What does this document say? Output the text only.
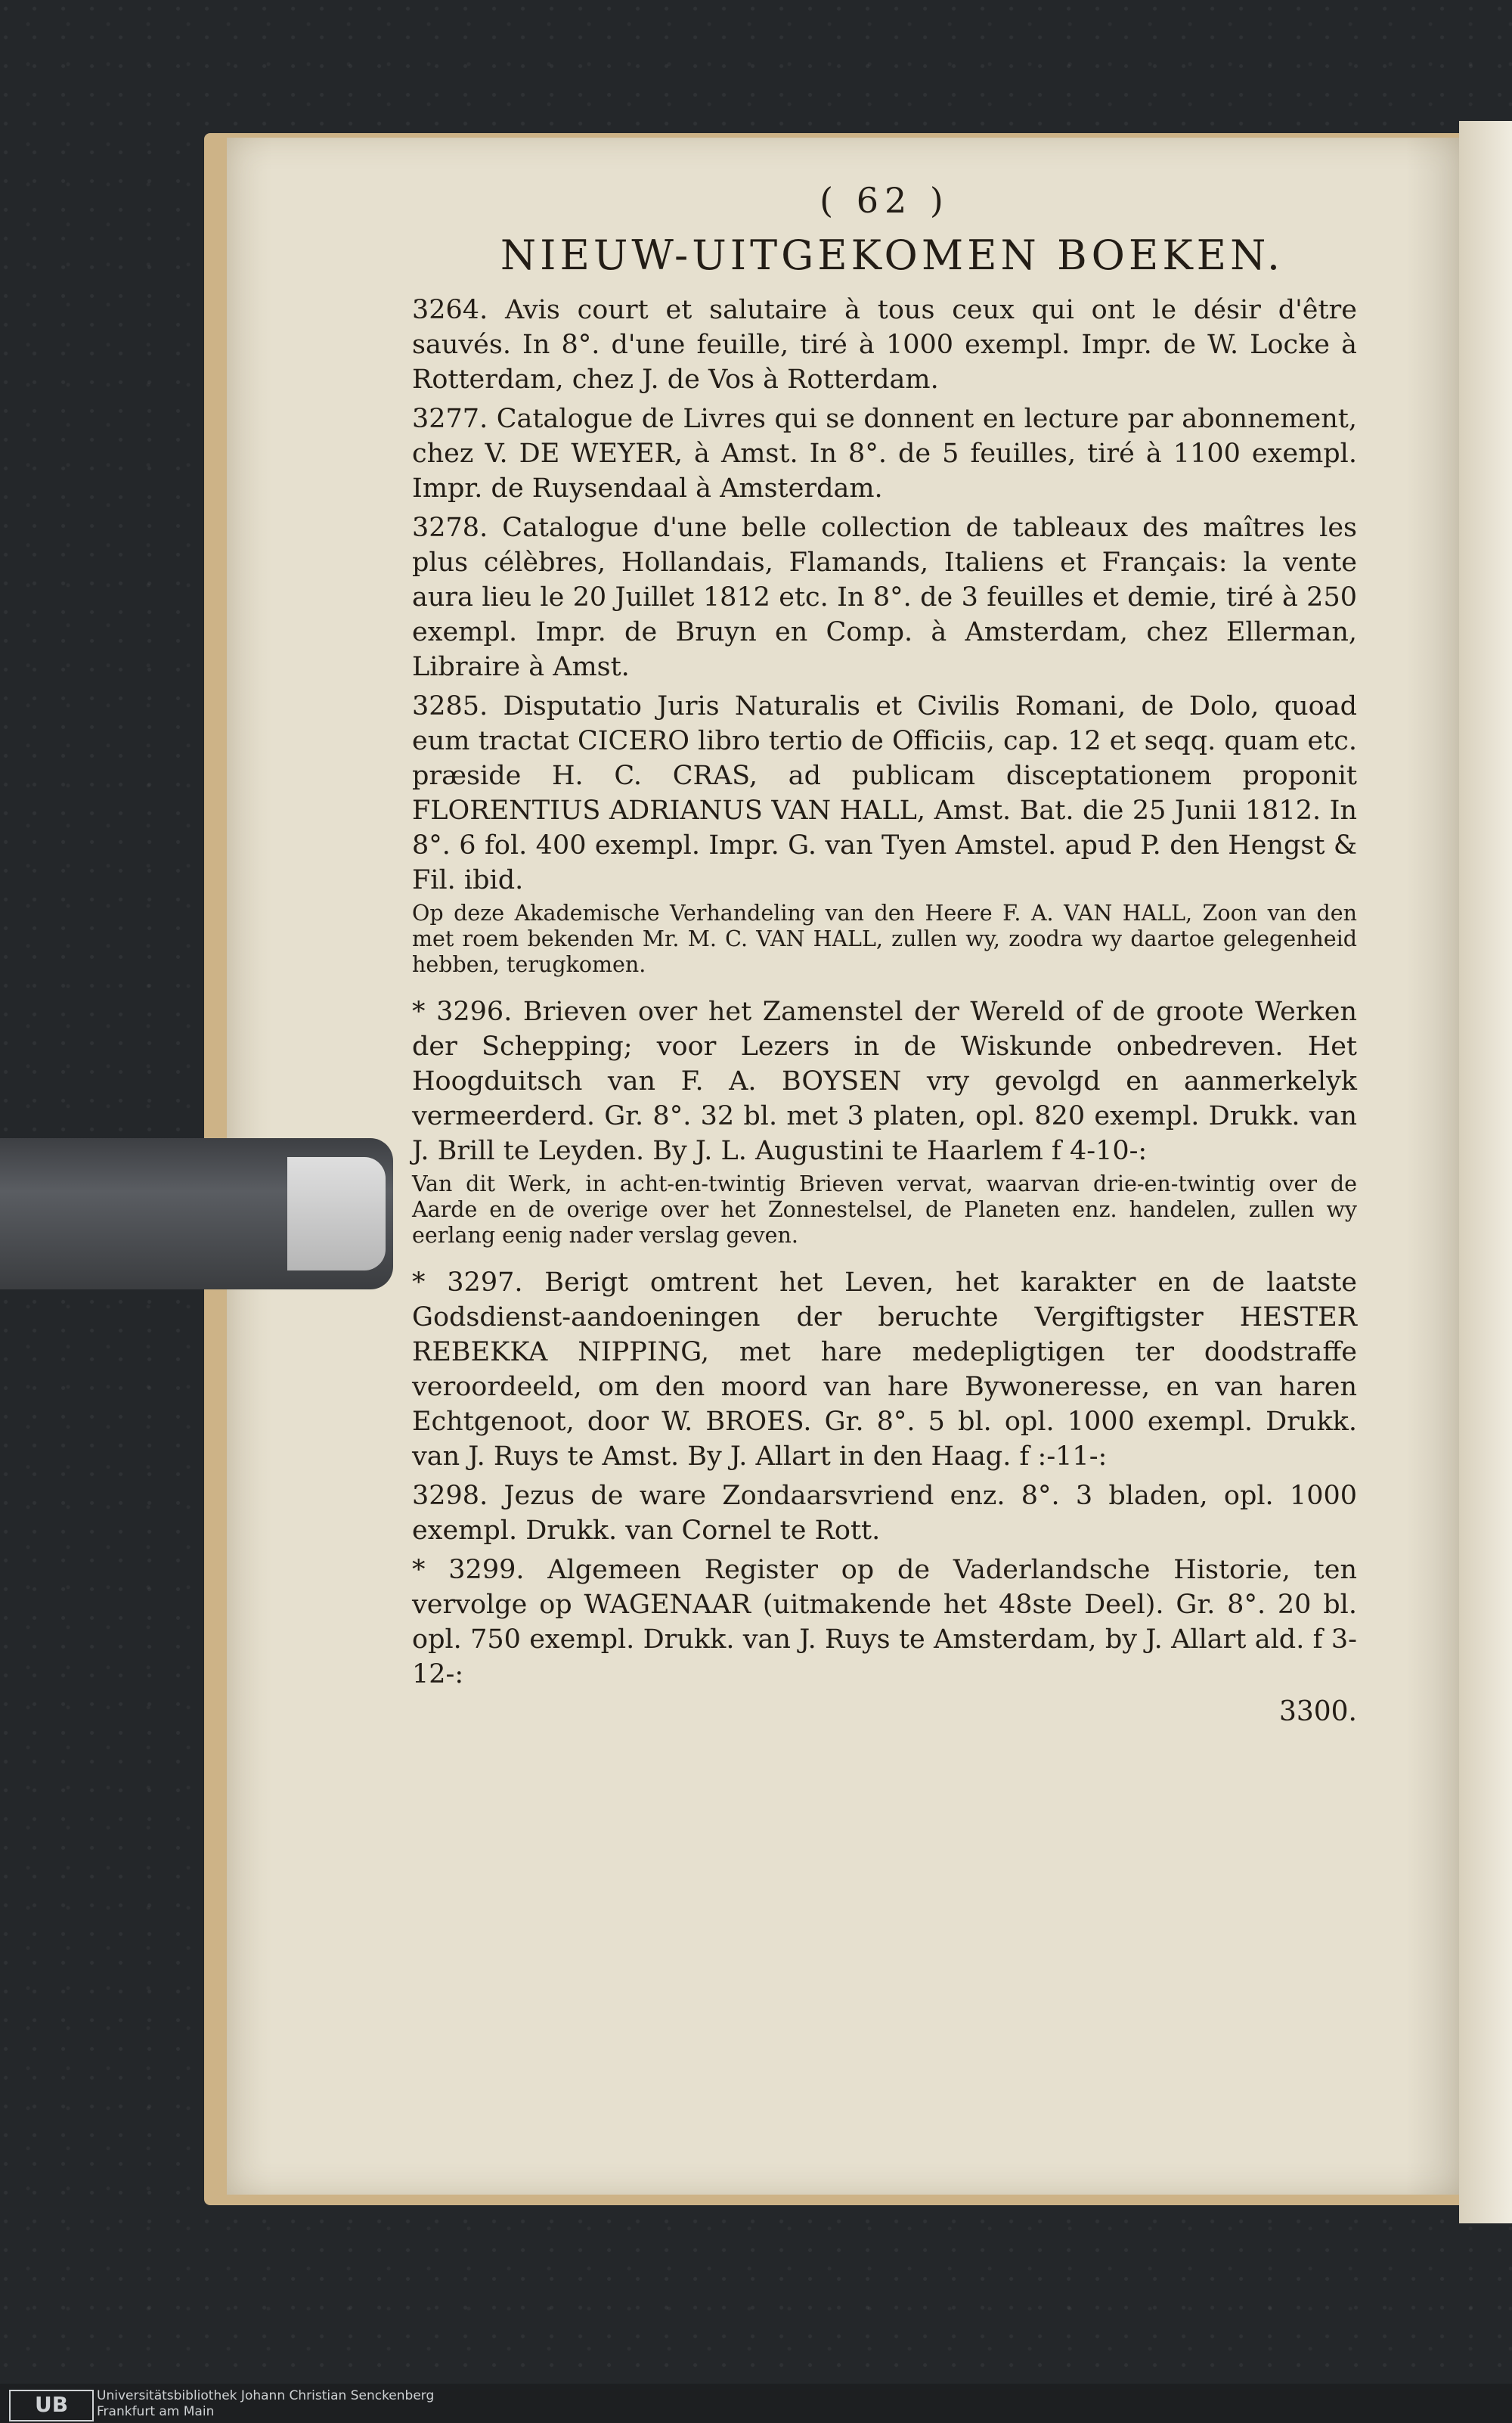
( 62 )
NIEUW-UITGEKOMEN BOEKEN.

3264. Avis court et salutaire à tous ceux qui ont le désir d'être sauvés. In 8°. d'une feuille, tiré à 1000 exempl. Impr. de W. Locke à Rotterdam, chez J. de Vos à Rotterdam.

3277. Catalogue de Livres qui se donnent en lecture par abonnement, chez V. DE WEYER, à Amst. In 8°. de 5 feuilles, tiré à 1100 exempl. Impr. de Ruysendaal à Amsterdam.

3278. Catalogue d'une belle collection de tableaux des maîtres les plus célèbres, Hollandais, Flamands, Italiens et Français: la vente aura lieu le 20 Juillet 1812 etc. In 8°. de 3 feuilles et demie, tiré à 250 exempl. Impr. de Bruyn en Comp. à Amsterdam, chez Ellerman, Libraire à Amst.

3285. Disputatio Juris Naturalis et Civilis Romani, de Dolo, quoad eum tractat CICERO libro tertio de Officiis, cap. 12 et seqq. quam etc. præside H. C. CRAS, ad publicam disceptationem proponit FLORENTIUS ADRIANUS VAN HALL, Amst. Bat. die 25 Junii 1812. In 8°. 6 fol. 400 exempl. Impr. G. van Tyen Amstel. apud P. den Hengst & Fil. ibid.

Op deze Akademische Verhandeling van den Heere F. A. VAN HALL, Zoon van den met roem bekenden Mr. M. C. VAN HALL, zullen wy, zoodra wy daartoe gelegenheid hebben, terugkomen.

* 3296. Brieven over het Zamenstel der Wereld of de groote Werken der Schepping; voor Lezers in de Wiskunde onbedreven. Het Hoogduitsch van F. A. BOYSEN vry gevolgd en aanmerkelyk vermeerderd. Gr. 8°. 32 bl. met 3 platen, opl. 820 exempl. Drukk. van J. Brill te Leyden. By J. L. Augustini te Haarlem f 4-10-:

Van dit Werk, in acht-en-twintig Brieven vervat, waarvan drie-en-twintig over de Aarde en de overige over het Zonnestelsel, de Planeten enz. handelen, zullen wy eerlang eenig nader verslag geven.

* 3297. Berigt omtrent het Leven, het karakter en de laatste Godsdienst-aandoeningen der beruchte Vergiftigster HESTER REBEKKA NIPPING, met hare medepligtigen ter doodstraffe veroordeeld, om den moord van hare Bywoneresse, en van haren Echtgenoot, door W. BROES. Gr. 8°. 5 bl. opl. 1000 exempl. Drukk. van J. Ruys te Amst. By J. Allart in den Haag. f :-11-:

3298. Jezus de ware Zondaarsvriend enz. 8°. 3 bladen, opl. 1000 exempl. Drukk. van Cornel te Rott.

* 3299. Algemeen Register op de Vaderlandsche Historie, ten vervolge op WAGENAAR (uitmakende het 48ste Deel). Gr. 8°. 20 bl. opl. 750 exempl. Drukk. van J. Ruys te Amsterdam, by J. Allart ald. f 3-12-:

3300.
UB	Universitätsbibliothek Johann Christian Senckenberg
Frankfurt am Main
